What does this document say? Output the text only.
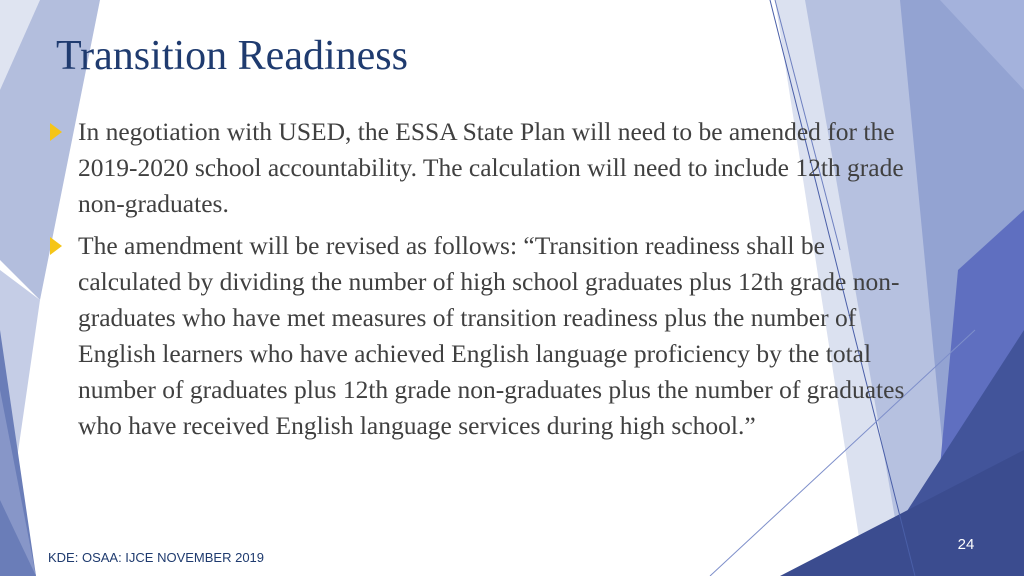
Transition Readiness
In negotiation with USED, the ESSA State Plan will need to be amended for the 2019-2020 school accountability. The calculation will need to include 12th grade non-graduates.
The amendment will be revised as follows: “Transition readiness shall be calculated by dividing the number of high school graduates plus 12th grade non-graduates who have met measures of transition readiness plus the number of English learners who have achieved English language proficiency by the total number of graduates plus 12th grade non-graduates plus the number of graduates who have received English language services during high school.”
KDE: OSAA: IJCE NOVEMBER 2019
24
